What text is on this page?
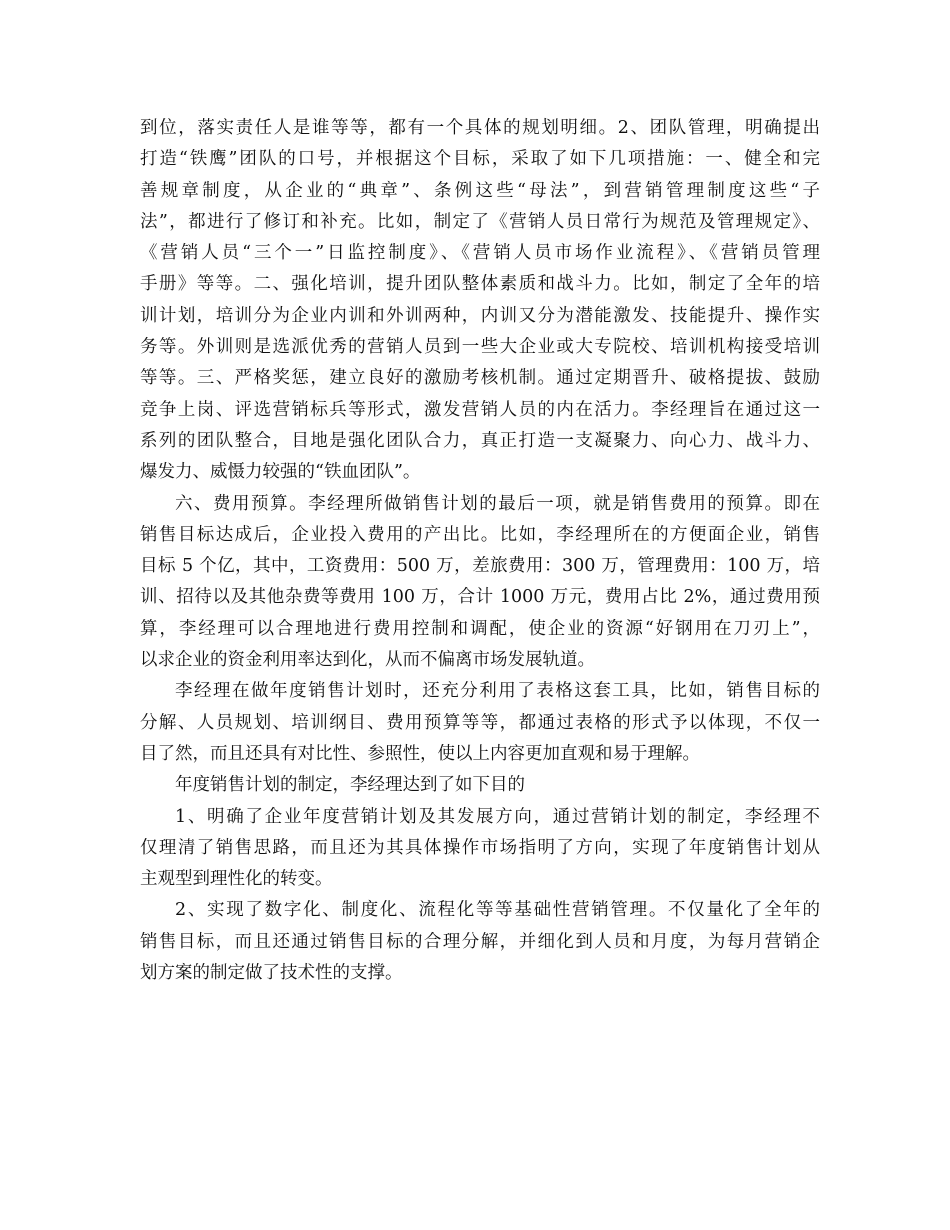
到位，落实责任人是谁等等，都有一个具体的规划明细。2、团队管理，明确提出
打造“铁鹰”团队的口号，并根据这个目标，采取了如下几项措施：一、健全和完
善规章制度，从企业的“典章”、条例这些“母法”，到营销管理制度这些“子
法”，都进行了修订和补充。比如，制定了《营销人员日常行为规范及管理规定》、
《营销人员“三个一”日监控制度》、《营销人员市场作业流程》、《营销员管理
手册》等等。二、强化培训，提升团队整体素质和战斗力。比如，制定了全年的培
训计划，培训分为企业内训和外训两种，内训又分为潜能激发、技能提升、操作实
务等。外训则是选派优秀的营销人员到一些大企业或大专院校、培训机构接受培训
等等。三、严格奖惩，建立良好的激励考核机制。通过定期晋升、破格提拔、鼓励
竞争上岗、评选营销标兵等形式，激发营销人员的内在活力。李经理旨在通过这一
系列的团队整合，目地是强化团队合力，真正打造一支凝聚力、向心力、战斗力、
爆发力、威慑力较强的“铁血团队”。
六、费用预算。李经理所做销售计划的最后一项，就是销售费用的预算。即在
销售目标达成后，企业投入费用的产出比。比如，李经理所在的方便面企业，销售
目标 5 个亿，其中，工资费用：500 万，差旅费用：300 万，管理费用：100 万，培
训、招待以及其他杂费等费用 100 万，合计 1000 万元，费用占比 2%，通过费用预
算，李经理可以合理地进行费用控制和调配，使企业的资源“好钢用在刀刃上”，
以求企业的资金利用率达到化，从而不偏离市场发展轨道。
李经理在做年度销售计划时，还充分利用了表格这套工具，比如，销售目标的
分解、人员规划、培训纲目、费用预算等等，都通过表格的形式予以体现，不仅一
目了然，而且还具有对比性、参照性，使以上内容更加直观和易于理解。
年度销售计划的制定，李经理达到了如下目的
1、明确了企业年度营销计划及其发展方向，通过营销计划的制定，李经理不
仅理清了销售思路，而且还为其具体操作市场指明了方向，实现了年度销售计划从
主观型到理性化的转变。
2、实现了数字化、制度化、流程化等等基础性营销管理。不仅量化了全年的
销售目标，而且还通过销售目标的合理分解，并细化到人员和月度，为每月营销企
划方案的制定做了技术性的支撑。
